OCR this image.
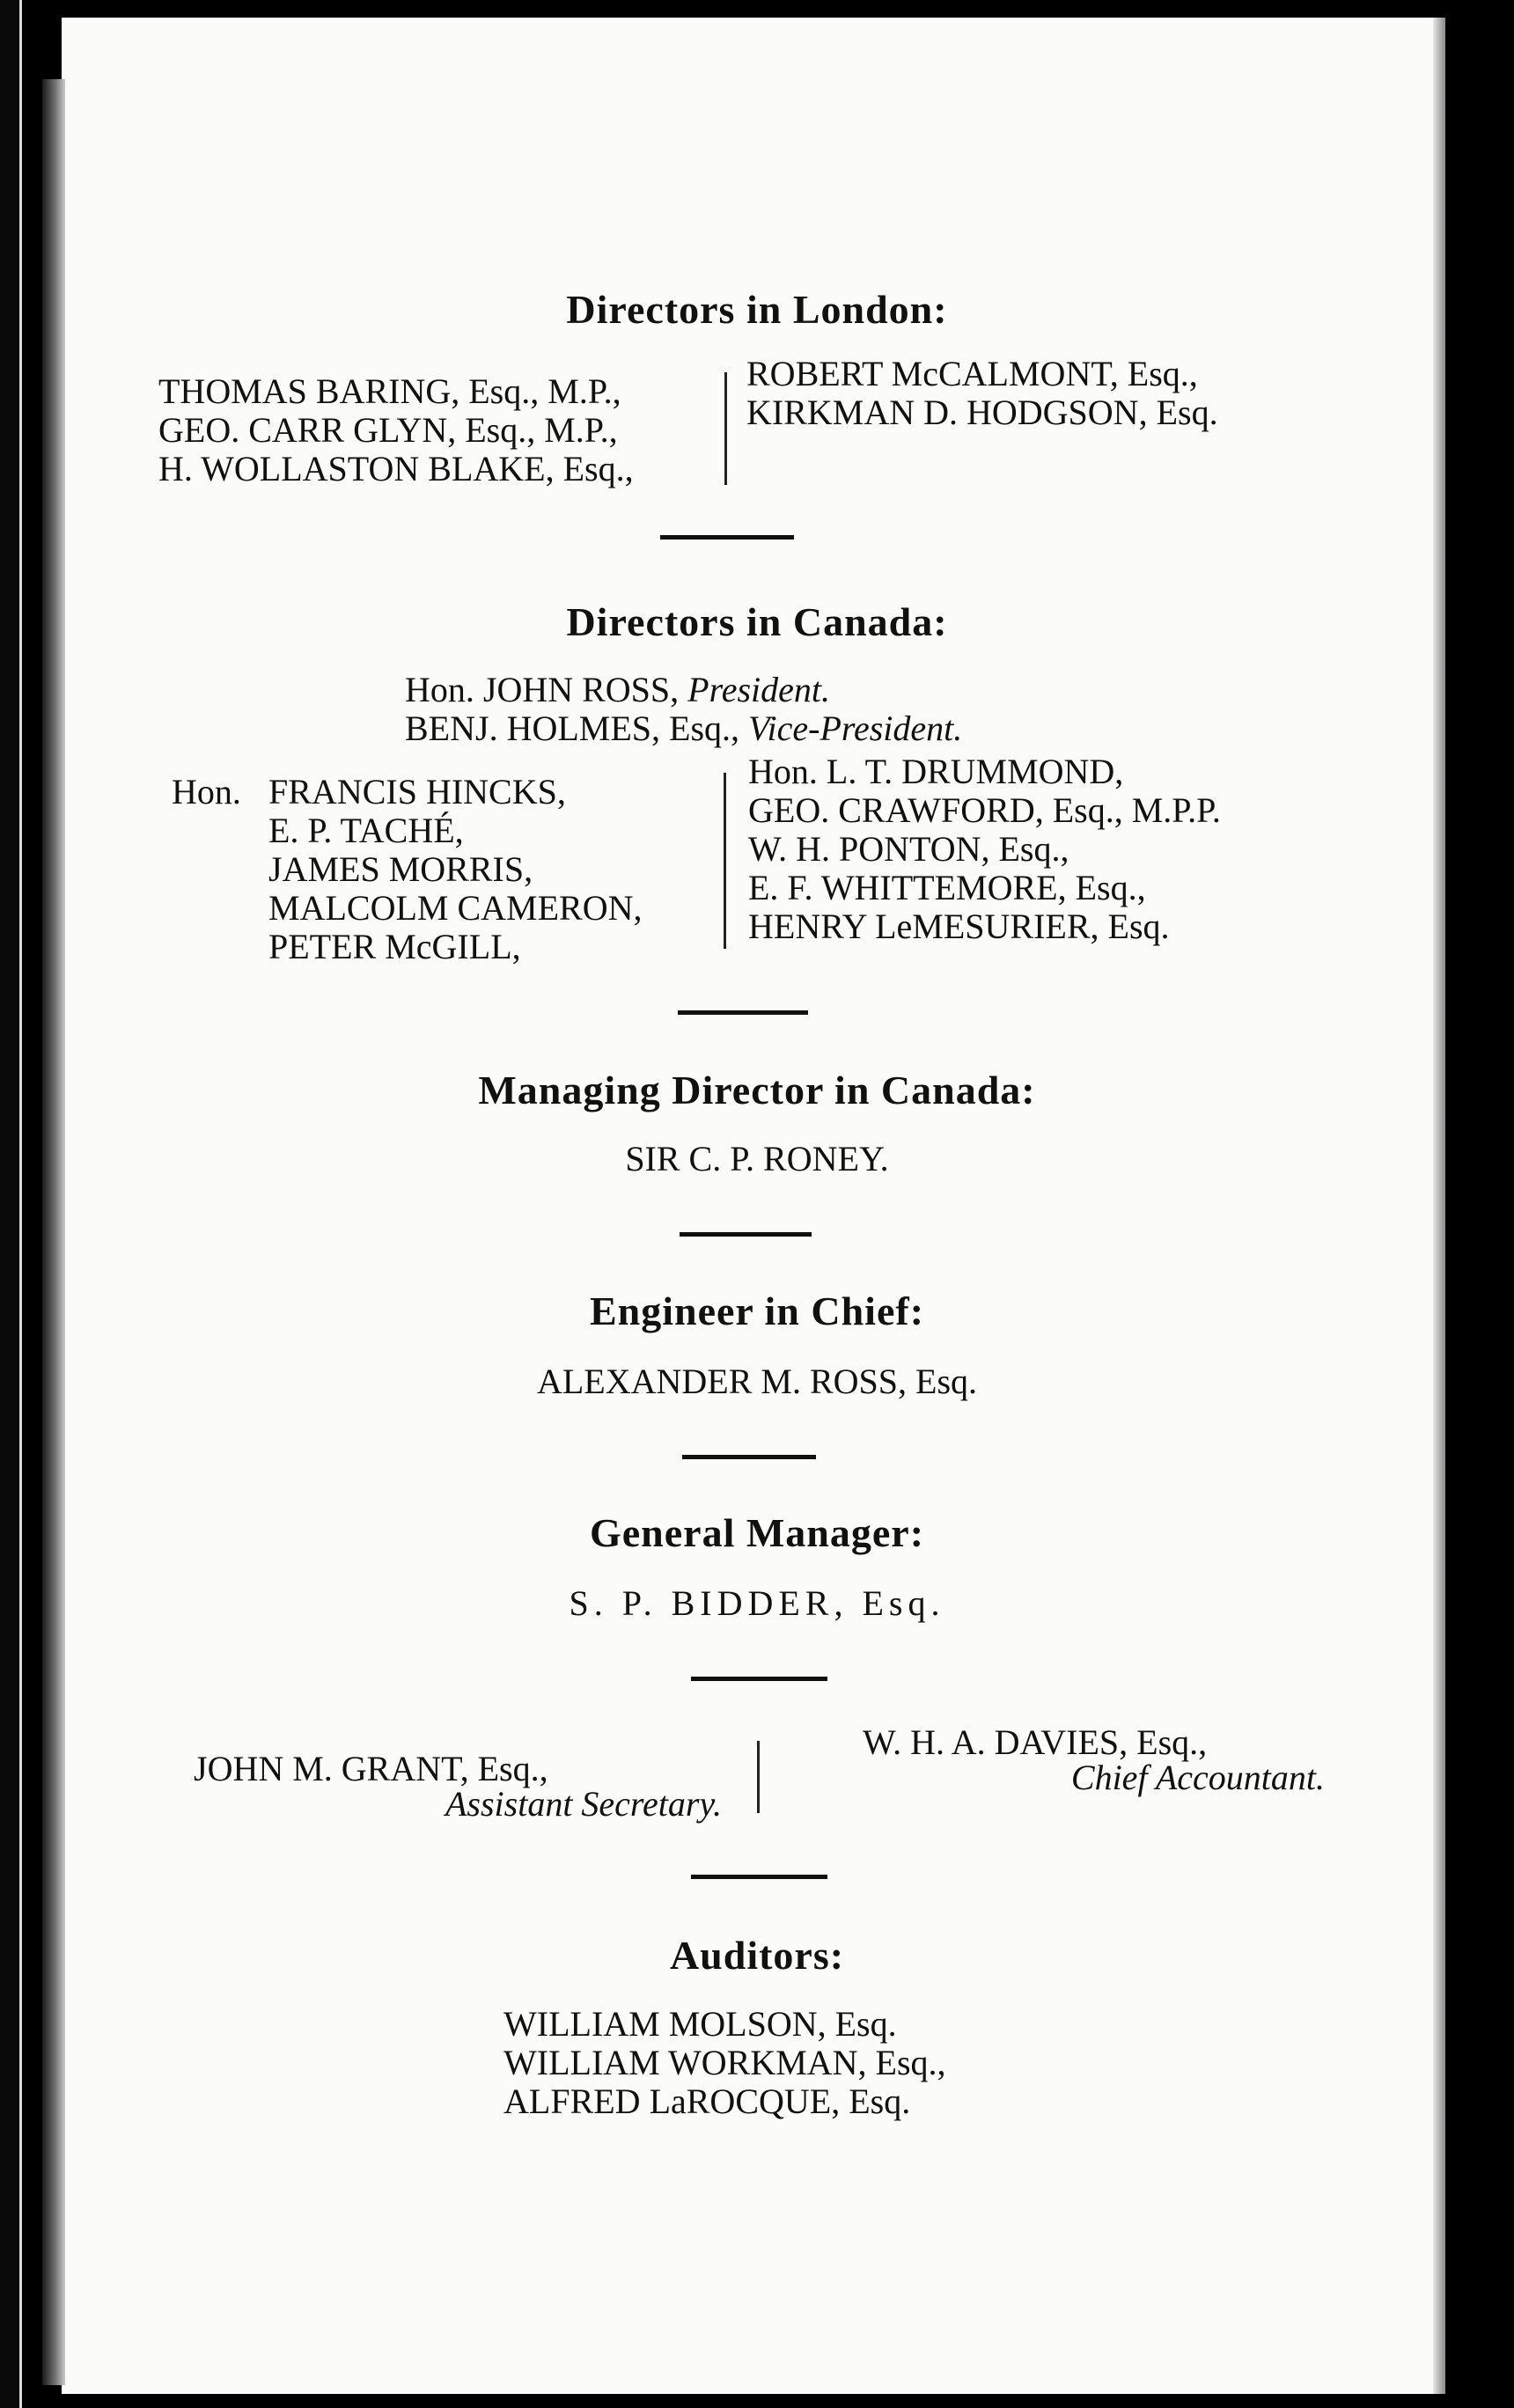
Directors in London:
THOMAS BARING, Esq., M.P.,
GEO. CARR GLYN, Esq., M.P.,
H. WOLLASTON BLAKE, Esq.,
ROBERT McCALMONT, Esq.,
KIRKMAN D. HODGSON, Esq.
Directors in Canada:
Hon. JOHN ROSS, President.
BENJ. HOLMES, Esq., Vice-President.
Hon. FRANCIS HINCKS,
E. P. TACHÉ,
JAMES MORRIS,
MALCOLM CAMERON,
PETER McGILL,
Hon. L. T. DRUMMOND,
GEO. CRAWFORD, Esq., M.P.P.
W. H. PONTON, Esq.,
E. F. WHITTEMORE, Esq.,
HENRY LeMESURIER, Esq.
Managing Director in Canada:
SIR C. P. RONEY.
Engineer in Chief:
ALEXANDER M. ROSS, Esq.
General Manager:
S. P. BIDDER, Esq.
JOHN M. GRANT, Esq.,
Assistant Secretary.
W. H. A. DAVIES, Esq.,
Chief Accountant.
Auditors:
WILLIAM MOLSON, Esq.
WILLIAM WORKMAN, Esq.,
ALFRED LaROCQUE, Esq.
